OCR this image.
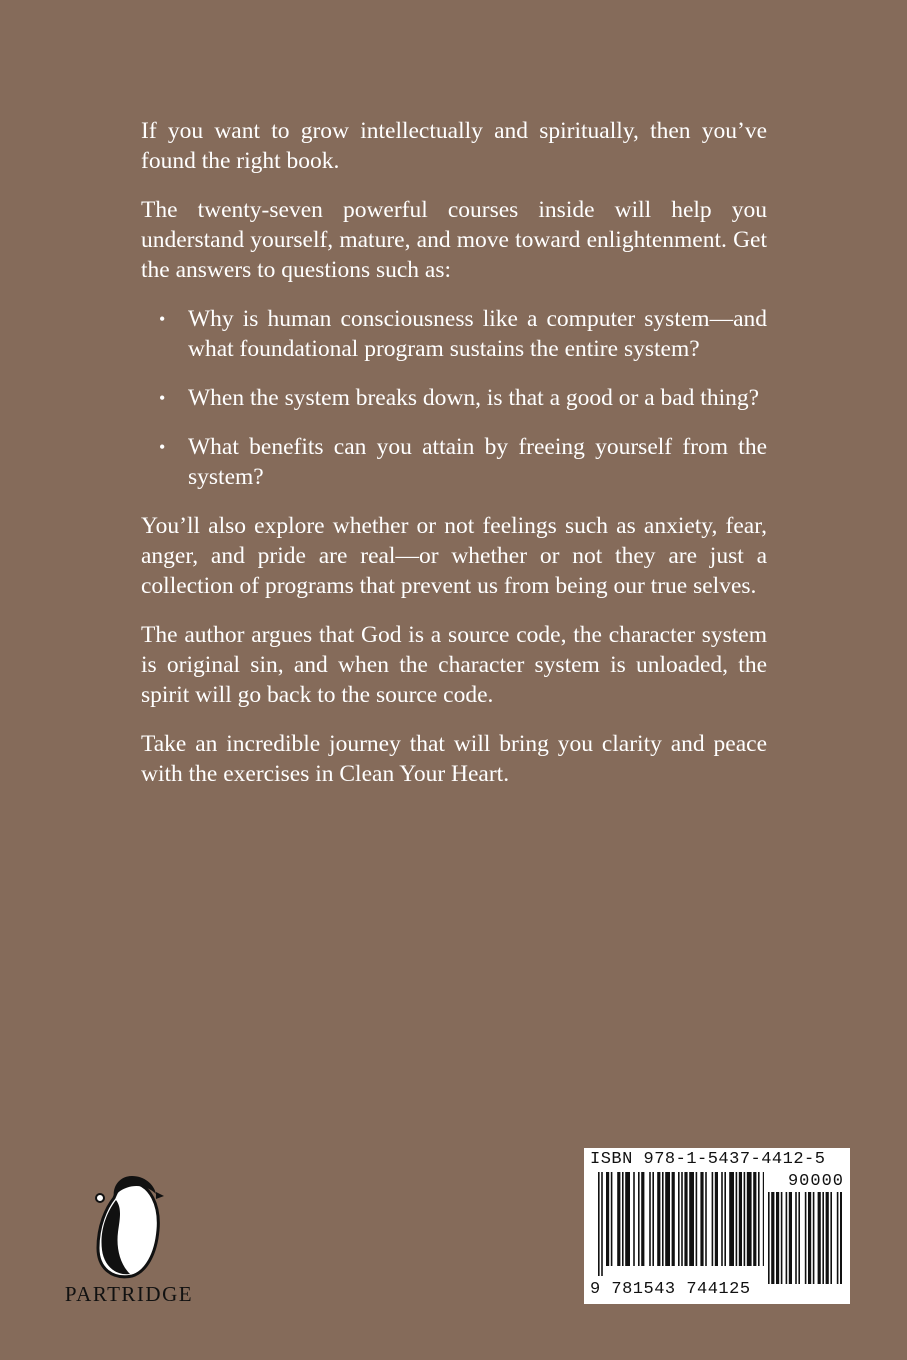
If you want to grow intellectually and spiritually, then you’ve found the right book.

The twenty-seven powerful courses inside will help you understand yourself, mature, and move toward enlightenment. Get the answers to questions such as:

• Why is human consciousness like a computer system—and what foundational program sustains the entire system?
• When the system breaks down, is that a good or a bad thing?
• What benefits can you attain by freeing yourself from the system?

You’ll also explore whether or not feelings such as anxiety, fear, anger, and pride are real—or whether or not they are just a collection of programs that prevent us from being our true selves.

The author argues that God is a source code, the character system is original sin, and when the character system is unloaded, the spirit will go back to the source code.

Take an incredible journey that will bring you clarity and peace with the exercises in Clean Your Heart.

PARTRIDGE
ISBN 978-1-5437-4412-5
90000
9 781543 744125
